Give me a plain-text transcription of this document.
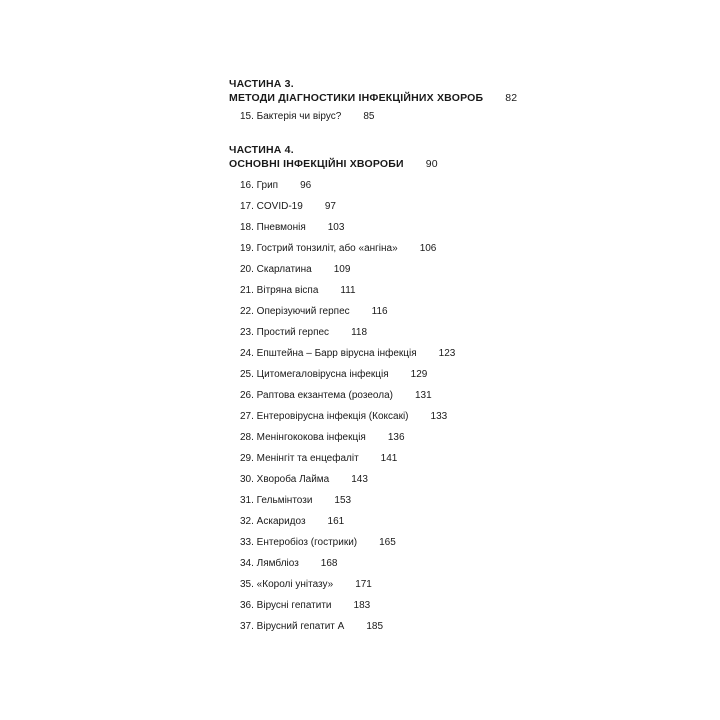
ЧАСТИНА 3.
МЕТОДИ ДІАГНОСТИКИ ІНФЕКЦІЙНИХ ХВОРОБ 82
15. Бактерія чи вірус? 85
ЧАСТИНА 4.
ОСНОВНІ ІНФЕКЦІЙНІ ХВОРОБИ 90
16. Грип 96
17. COVID-19 97
18. Пневмонія 103
19. Гострий тонзиліт, або «ангіна» 106
20. Скарлатина 109
21. Вітряна віспа 111
22. Оперізуючий герпес 116
23. Простий герпес 118
24. Епштейна – Барр вірусна інфекція 123
25. Цитомегаловірусна інфекція 129
26. Раптова екзантема (розеола) 131
27. Ентеровірусна інфекція (Коксакі) 133
28. Менінгококова інфекція 136
29. Менінгіт та енцефаліт 141
30. Хвороба Лайма 143
31. Гельмінтози 153
32. Аскаридоз 161
33. Ентеробіоз (гострики) 165
34. Лямбліоз 168
35. «Королі унітазу» 171
36. Вірусні гепатити 183
37. Вірусний гепатит А 185
